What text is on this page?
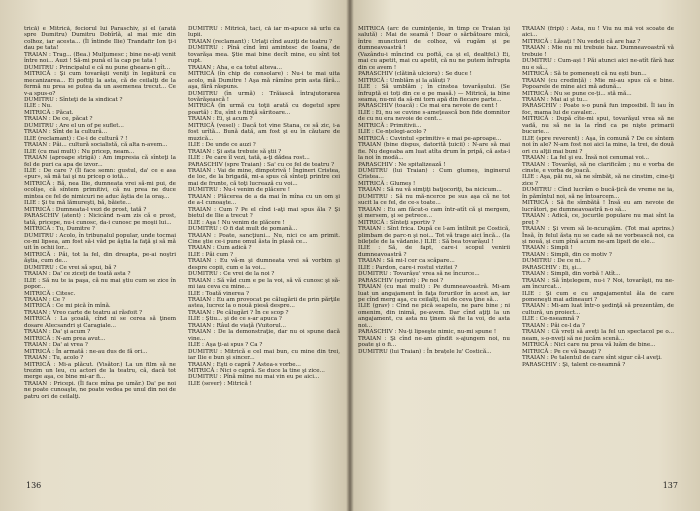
trică) e Mitrică, feciorul lui Paraschiv, și el (arată spre Dumitru) Dumitru Dobîrlă, al mai mic din colhoz, iar acesta... (Îl întinde Ilie) Trandafir Ion ţi-i dau pe tata!

TRAIAN : Trag... (Bea.) Mulţumesc ; bine ne-aţi venit între noi... Auzi ! Să-mi pună el la cap pe tata !

DUMITRU : Principalul e că nu pune gheara-n gît...

MITRICĂ : Şi cum tovarăşii veniţi în legătură cu mecanizarea... Ei poftiţi la asta, că de ceilalţi de la fermă nu prea se putea da un asemenea trecut... Ce v-a spus-o?

DUMITRU : Sînteţi de la sindicat ?

ILIE : Nu.

MITRICĂ : Păcat.

TRAIAN : De ce, păcat ?

DUMITRU : Are el un of pe suflet...

TRAIAN : Sînt de la cultură...

ILIE (reclamant) : Ce-i de cultură ? !

TRAIAN : Păi... cultură socialistă, că alta n-avem...

ILIE (cu mai mult) : Nu pricep, neam...

TRAIAN (aproape strigă) : Am impresia că sînteţi la fel de puri ca apa de izvor...

ILIE : De care ? (Îl face semn: gustul, da' ce e asa «pur», să mă tai şi nu pricep o iotă...

MITRICĂ : Bă, nea Ilie, dumneata vrei să-mi pui, de ocolișe, că sîntem primitivi, că nu prea ne duce mintea ce fel de nimicuri ne aduc ăştia de la oraş...

ILIE : Şi tu mă lămureşti, bă, băiete...

MITRICĂ : Dumneata-l vezi de prost, tată ?

PARASCHIV (atent) : Nicicând n-am zis că e prost, tată, pricepe, nu-i cunosc, da-i cunosc pe moşii lui...

MITRICĂ : Tu, Dumitre ?

DUMITRU : Acolo, în tribunalul popular, unde tocmai ce-mi lipsea, am fost să-i văd pe ăştia la faţă şi să mă uit în ochii lor...

MITRICĂ : Păi, tot la fel, din dreapta, pe-ai noştri ăştia, cum de...

DUMITRU : Ce vrei să spui, bă ?

TRAIAN : Da' ce ziceţi de toată asta ?

ILIE : Să nu te ia paşa, că nu mai ştiu cum se zice în popor...

MITRICĂ : Citesc.

TRAIAN : Ce ?

MITRICĂ : Ce mi pică în mînă.

TRAIAN : Vreo carte de teatru ai răsfoit ?

MITRICĂ : La şcoală, cînd ni se cerea să ţinem dosare Alecsandri şi Caragiale...

TRAIAN : Da' şi acum ?

MITRICĂ : N-am prea avut...

TRAIAN : Da' ai vrea ?

MITRICĂ : În armată : ne-au dus de fă ori...

TRAIAN : Tu, acolo ?

MITRICĂ : Mi-a plăcut. (Visător.) La un film să ne trezim un leu, cu actori de la teatru, că, dacă tot merge aşa, ce bine mi-ar fi...

TRAIAN : Pricepi. (Îl face mîna pe umăr.) Da' pe noi ne poate cunoaşte, ne poate vedea pe unul din noi de patru ori de ceilalţi.

DUMITRU : Mitrică, taci, că iar m-apuce să urlu ca lupii.

TRAIAN (reclamant) : Urlaţi cînd auziţi de teatru ?

DUMITRU : Pînă cînd îmi amintesc de Ioana, de tovarăşa mea. Ştie mai bine decît mine, eu sînt tot rupt.

TRAIAN : Aha, e ca totul alteva...

MITRICĂ (în chip de consolare) : Nu-i te mai uita acolo, mă Dumitre ! Aşa mă rămîne prin asta fără... aşa, fără răspuns.

DUMITRU (în urmă) : Trăiască întrajutorarea tovărăşească !

MITRICĂ (în urmă cu toţii arată cu degetul spre poartă) : Eu, sînt o fiinţă săritoare...

TRAIAN : Ei, şi acum ?

MITRICĂ (vesel) : Dacă tot vine Stana, ce să zic, i-a fost urîtă... Bună dată, am fost şi eu în căutare de muzică...

ILIE : De unde ce auzi ?

TRAIAN : Şi asta trebuie să ştii ?

ILIE : Pe care îl vezi, tată, a-ţi dădea rost...

PARASCHIV (spre Traian) : Sa' cu ce fel de teatru ?

TRAIAN : Vai de mine, dimpotrivă ! Îngineri Cristea, de loc, de la brigadă, mi-a spus că sînteţi printre cei mai de frunte, că toţi lucrează cu voi...

DUMITRU : Nu-i venim de plăcere !

TRAIAN : Plăcerea de a da mai în mîna cu un om şi de a-l cunoaşte...

TRAIAN : Cum ? Pe el cînd i-aţi mai spus ăla ? Şi bietul de Ilie a trecut ?

ILIE : Aşa ! Nu venim de plăcere !

DUMITRU : O fi dat mult de pomană...

TRAIAN : Poate, sancţiuni... Nu, nici ce am primit. Cine ştie ce-i pune omul ăsta în plasă ce...

TRAIAN : Cum adică ?

ILIE : Păi cum ?

TRAIAN : Eu vă-m şi dumneata vrei să vorbim şi despre copii, cum e la voi...

DUMITRU : Ce vrei de la noi ?

TRAIAN : Să văd cum e pe la voi, să vă cunosc şi să-mi iau ceva cu mine...

ILIE : Toată vinerea ?

TRAIAN : Eu am provocat pe călugării de prin părţile astea, lucrez la o nouă piesă despre...

TRAIAN : Pe călugări ? În ce scop ?

ILIE : Ştiu... şi de ce s-ar apuca ?

TRAIAN : Râul de viaţă (Vuitorul...

TRAIAN : De la demonstraţie, dar nu oi spune dacă vine...

ILIE : Aşa ţi-ai spus ? Ca ?

DUMITRU : Mitrică e cel mai bun, cu mine din trei, iar Ilie e bun şi sincer...

TRAIAN : Eşti o capră ? Astea-s vorbe...

MITRICĂ : Nici o capră. Se duce la tine şi zice...

DUMITRU : Pînă mîine nu mai vin eu pe aici...

ILIE (sever) : Mitrică !

136

MITRICĂ (arc de cuminţenie, în timp ce Traian își salută) : Mai de seamă ! Doar o sărbătoare mică, între muncitorii de colhoz, vă rugăm și pe dumneavoastră !

(Vazându-i mîncind cu poftă, ca și el, dealtfel.) Ei, mai cu apetit, mai cu apetit, că nu ne putem înfrupta din ce avem !

PARASCHIV (clătină ulcioru) : Se duce !

MITRICĂ : Umblăm și la alăuți ?

ILIE : Să umblăm ; în cinstea tovarășului. (Se înfruptă ei toți din ce e pe masă.) — Mitrică, ia bine seama, nu-mi da să-mi torn apă din fiecare parte...

PARASCHIV (toacă) : Ce mai era nevoie de cent !

ILIE : Ei, nu se cuvine s-ameţească bon fide domnitor de cu nu era nevoie de cent...

MITRICĂ : Primitivii...

ILIE : Ce-nțelegi-acolo ?

MITRICĂ : Cuvintul «primitiv» e mai pe-aproape...

TRAIAN (bine dispus, datorită țuicii) : N-are să mai fie. Nu degeaba am luat atîta drum în pripă, că asta-i la noi în modă...

PARASCHIV : Ne spitalizează !

DUMITRU (lui Traian) : Cum glumeș, inginerul Cristea...

MITRICĂ : Glumeș !

TRAIAN : Să nu vă simţiţi batjocoriţi, ba nicicum...

DUMITRU : Să nu mă-ncerce pe sus aşa că ne tot sucit la ce fel, de ce-s toate...

TRAIAN : Eu am făcut-o cam într-atît că şi mergem, şi mersem, şi se petrece...

MITRICĂ : Sînteţi sportiv ?

TRAIAN : Sînt frica. După ce l-am întîlnit pe Costică, plimbam de parc-n şi noi... Tot vă trage aici încă... (Ia bilețele de la vădanie.) ILIE : Să bea tovarășul !

ILIE : Să, de fapt, care-i scopul venirii dumneavoastră ?

TRAIAN : Să mi-l cer ca scăpare...

ILIE : Pardon, care-i rostul vizitei ?

DUMITRU : Tovarășu' vrea să ne încurce...

PARASCHIV (sprint) : Pe noi ?

TRAIAN (cu mai mult) : Pe dumneavoastră. Mi-am luat un angajament în faţa forurilor în acest an, iar pe cînd merg aşa, cu ceilalţi, lui de ceva ţine să...

ILIE (grav) : Cînd ne pică seapelu, ne pare bine ; ni omenim, din inimă, pe-avem. Dar cînd aţiţi la un angajament, cu asta nu ţinem să fie la voi, de asta noi...

PARASCHIV : Nu-ţi lipseşte nimic, nu-mi spune !

TRAIAN : Şi cînd ne-am gîndit s-ajungem noi, nu poate şi o fi...

DUMITRU (lui Traian) : În brațele lu' Costică...

TRAIAN (fripi) : Asta, nu ! Viu nu mă voi scoate de aici...

MITRICĂ : Lăsați ! Nu vedeți că are haz ?

TRAIAN : Mie nu mi trebuie haz. Dumneavoastră vă trebuie !

DUMITRU : Cum-ași ! Păi atunci aici ne-atît fără haz nu e să...

MITRICĂ : Să te pomenești că nu ești bun...

TRAIAN (cu credință) : Mie mi-au spus că e bine. Popoarele de mine aici mă adună...

MITRICĂ : Nu se pune ce-ți... stă mă...

TRAIAN : Mai ai şi tu...

PARASCHIV : Poate s-o pună fun imposibil. Îl iau în foc, mama lui de cavaler...

MITRICĂ : După cîte-mi spui, tovarăşul vrea să ne vadă, nu să ne ia la rînd ca pe nişte primarii bucurie...

ILIE (spre reverent) : Aşa, în comună ? De ce sîntem noi în ale? N-am fost noi aici la mine, la trei, de două ori cu alţii mai buni ?

TRAIAN : La fel şi eu. Însă noi cenumai voi...

TRAIAN : Tovarăşi, să ne clarificăm ; nu e vorba de cinste, e vorba de joacă.

ILIE : Aşa, păi nu, să ne sîmbăt, să ne cinstim, cine-ţi zice ?

DUMITRU : Cînd lucrăm o bucă-ţică de vreme ne ia, în pămîntul noi, să ne întoarcem...

MITRICĂ : Să fie sîmbătă ! Însă eu am nevoie de lucrători, pe dumneavoastră n-o să...

TRAIAN : Adică, ce, jocurile populare nu mai sînt la preț ?

TRAIAN : Şi vrem să le-ncurajăm. (Tot mai aprins.) Însă, în felul ăsta nu se cade să ne vorbească noi, ca și nouă, și cum pînă acum ne-am lipsit de ele...

TRAIAN : Simpli !

TRAIAN : Simpli, din ce motiv ?

DUMITRU : De ce ni... ?

PARASCHIV : Ei, şi...

TRAIAN : Simpli, din vorbă ! Atît...

TRAIAN : Să înțelegem, nu-i ? Noi, tovarăşii, nu ne-am încurcat...

ILIE : Şi cum e cu angajamentul ăla de care pomeneşti mai adineauri ?

TRAIAN : Mi-am luat într-o şedinţă să prezentăm, de cultură, un proiect...

ILIE : Ce-nseamnă ?

TRAIAN : Păi ce-l da ?

TRAIAN : Că vreți să aveți la fel un spectacol pe o... neam, s-o-nveţi să ne jucăm scenă...

MITRICĂ : Nici care nu prea vă luăm de bine...

MITRICĂ : Pe ce vă bazaţi ?

TRAIAN : Pe talentul de care sînt sigur că-l aveţi.

PARASCHIV : Şi, talent ce-neamnă ?

137
